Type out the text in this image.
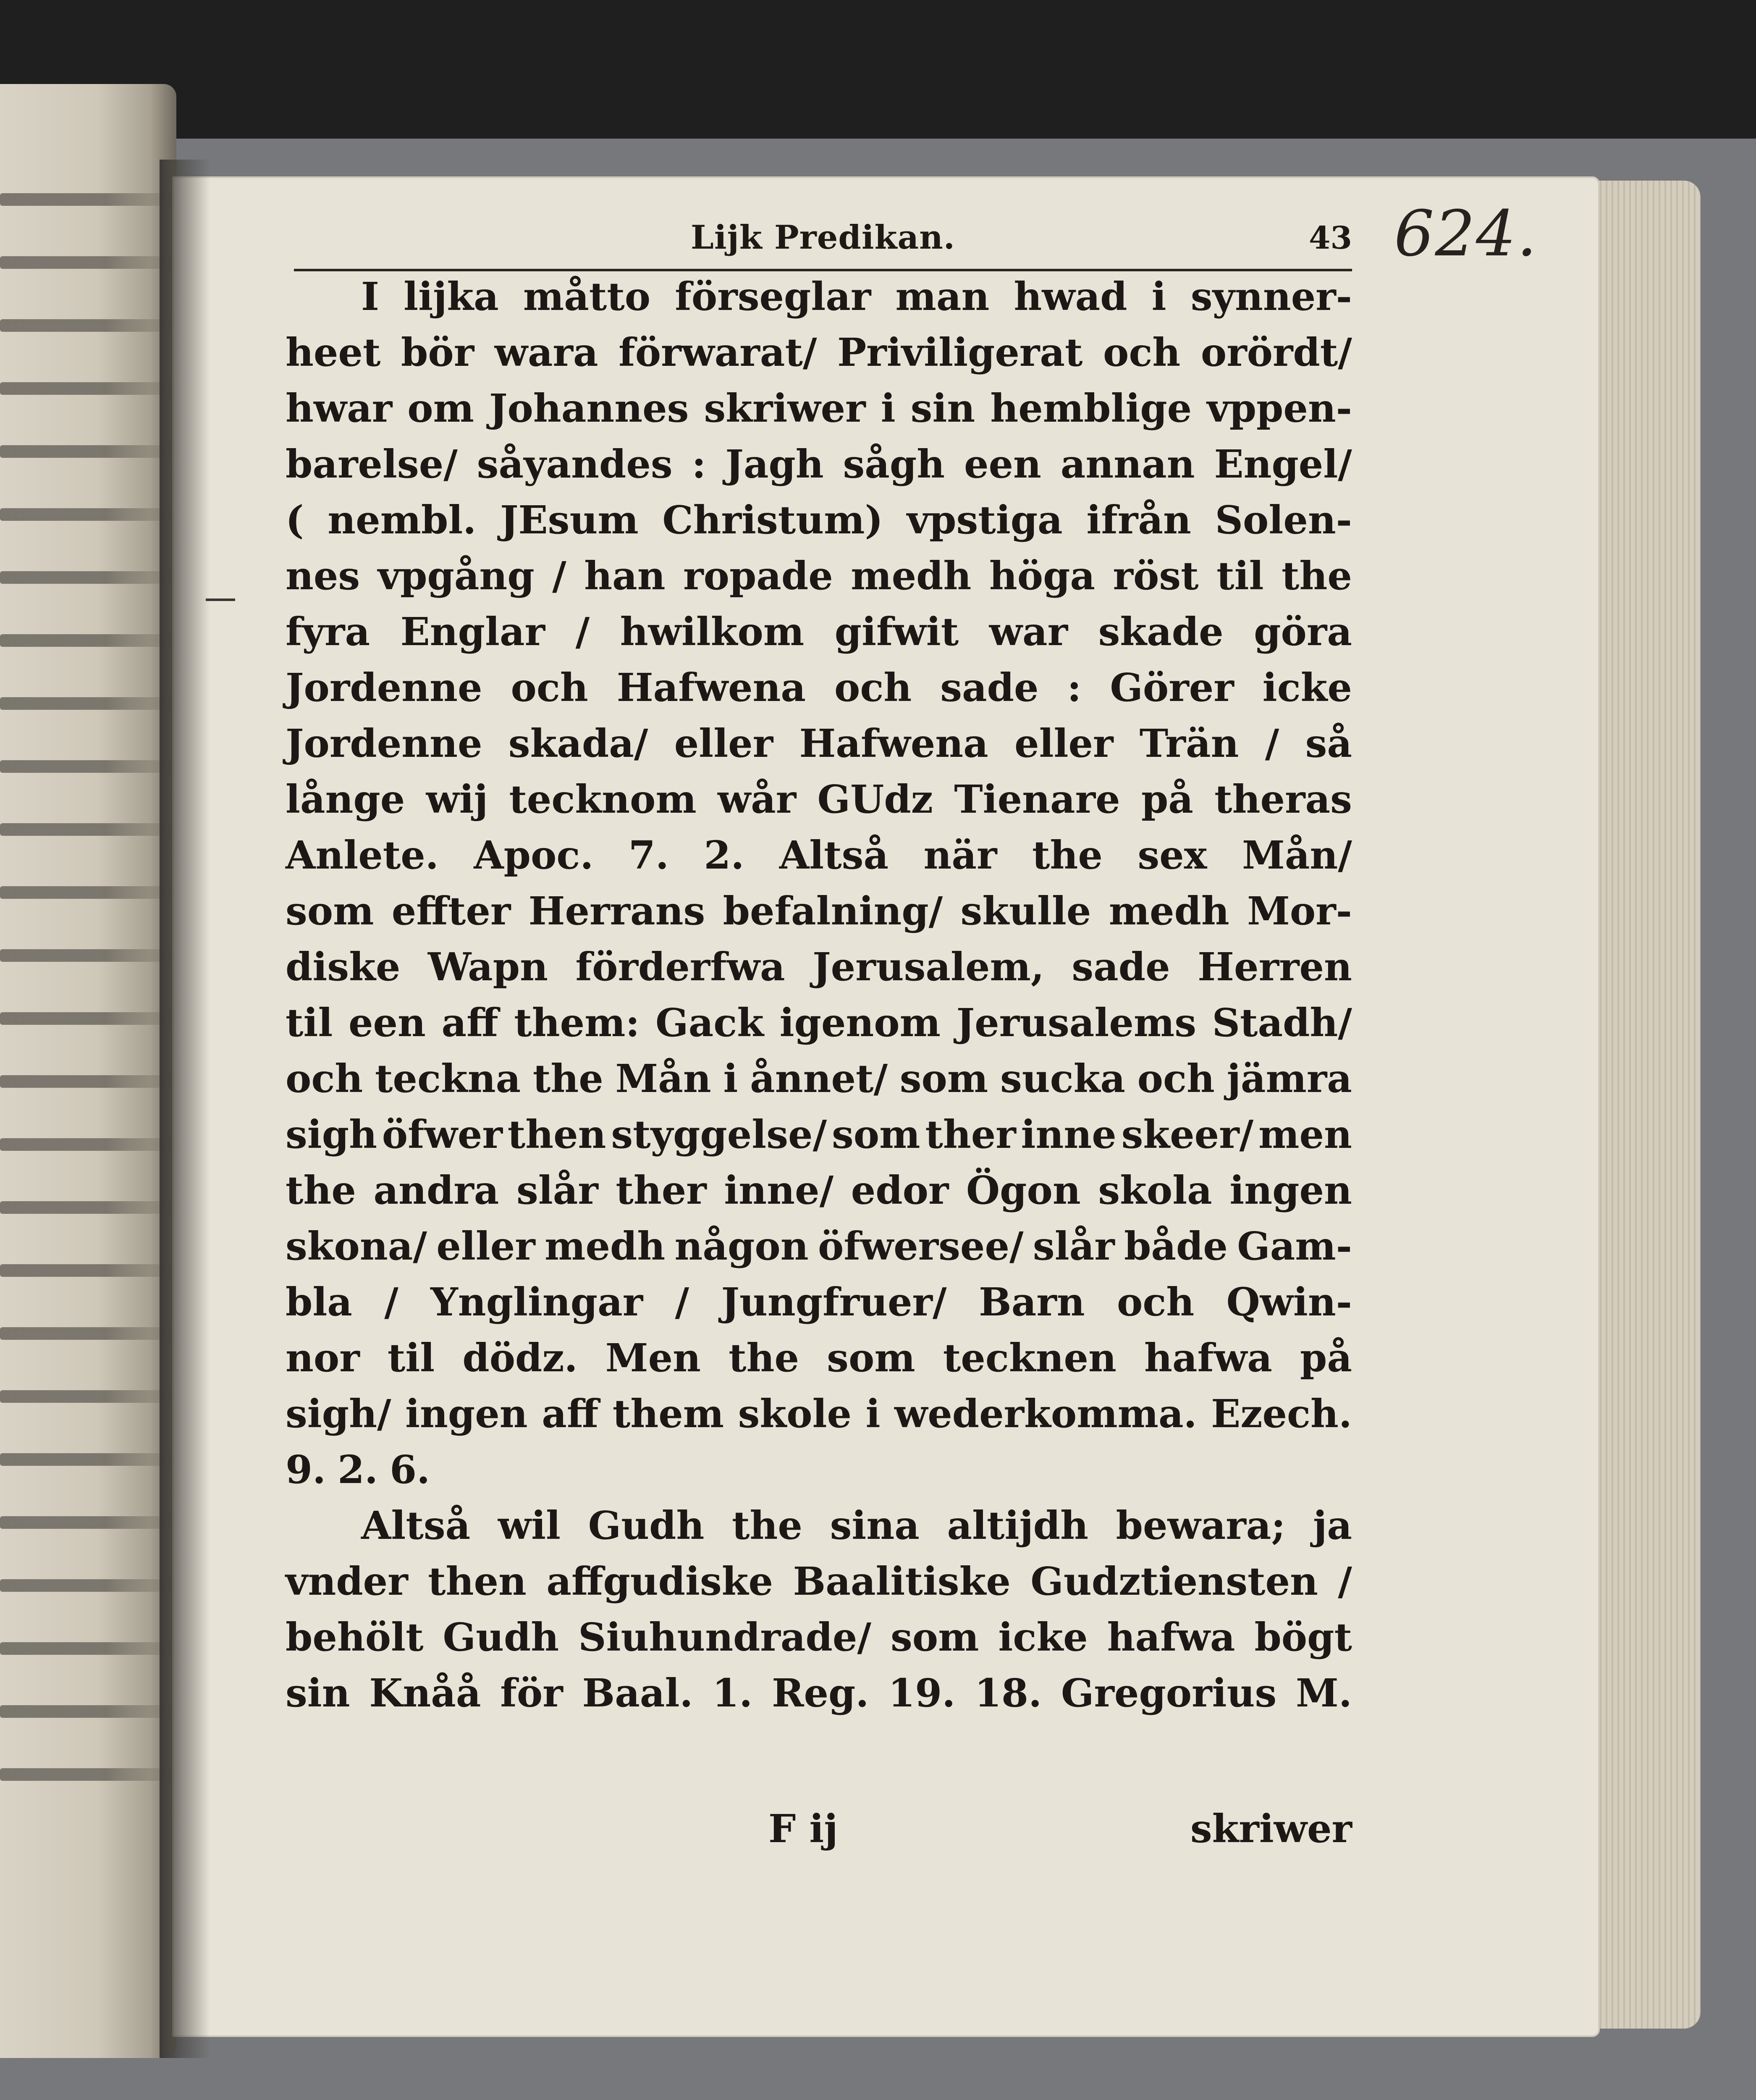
Lijk Predikan.	43 624.
I lijka måtto förseglar man hwad i synner-
heet bör wara förwarat/ Priviligerat och orördt/
hwar om Johannes skriwer i sin hemblige vppen-
barelse/ såyandes : Jagh sågh een annan Engel/
( nembl. JEsum Christum) vpstiga ifrån Solen-
nes vpgång / han ropade medh höga röst til the
fyra Englar / hwilkom gifwit war skade göra
Jordenne och Hafwena och sade : Görer icke
Jordenne skada/ eller Hafwena eller Trän / så
långe wij tecknom wår GUdz Tienare på theras
Anlete. Apoc. 7. 2. Altså när the sex Mån/
som effter Herrans befalning/ skulle medh Mor-
diske Wapn förderfwa Jerusalem, sade Herren
til een aff them: Gack igenom Jerusalems Stadh/
och teckna the Mån i ånnet/ som sucka och jämra
sigh öfwer then styggelse/ som ther inne skeer/ men
the andra slår ther inne/ edor Ögon skola ingen
skona/ eller medh någon öfwersee/ slår både Gam-
bla / Ynglingar / Jungfruer/ Barn och Qwin-
nor til dödz. Men the som tecknen hafwa på
sigh/ ingen aff them skole i wederkomma. Ezech.
9. 2. 6.
Altså wil Gudh the sina altijdh bewara; ja
vnder then affgudiske Baalitiske Gudztiensten /
behölt Gudh Siuhundrade/ som icke hafwa bögt
sin Knåå för Baal. 1. Reg. 19. 18. Gregorius M.
F ij	skriwer
